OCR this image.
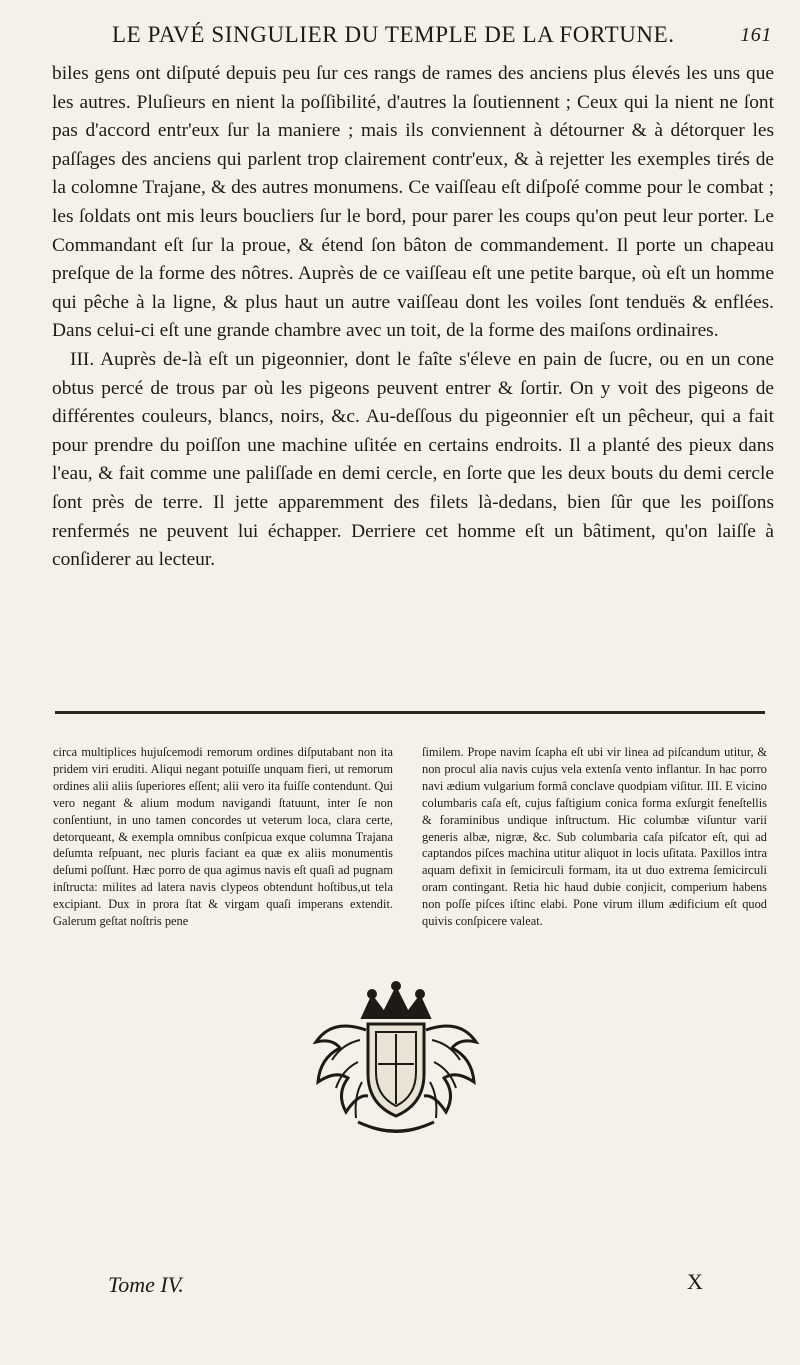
LE PAVÉ SINGULIER DU TEMPLE DE LA FORTUNE.	161

biles gens ont diſputé depuis peu ſur ces rangs de rames des anciens plus élevés les uns que les autres. Pluſieurs en nient la poſſibilité, d'autres la ſoutiennent ; Ceux qui la nient ne ſont pas d'accord entr'eux ſur la maniere ; mais ils conviennent à détourner & à détorquer les paſſages des anciens qui parlent trop clairement contr'eux, & à rejetter les exemples tirés de la colomne Trajane, & des autres monumens. Ce vaiſſeau eſt diſpoſé comme pour le combat ; les ſoldats ont mis leurs boucliers ſur le bord, pour parer les coups qu'on peut leur porter. Le Commandant eſt ſur la proue, & étend ſon bâton de commandement. Il porte un chapeau preſque de la forme des nôtres. Auprès de ce vaiſſeau eſt une petite barque, où eſt un homme qui pêche à la ligne, & plus haut un autre vaiſſeau dont les voiles ſont tenduës & enflées. Dans celui-ci eſt une grande chambre avec un toit, de la forme des maiſons ordinaires.

III. Auprès de-là eſt un pigeonnier, dont le faîte s'éleve en pain de ſucre, ou en un cone obtus percé de trous par où les pigeons peuvent entrer & ſortir. On y voit des pigeons de différentes couleurs, blancs, noirs, &c. Au-deſſous du pigeonnier eſt un pêcheur, qui a fait pour prendre du poiſſon une machine uſitée en certains endroits. Il a planté des pieux dans l'eau, & fait comme une paliſſade en demi cercle, en ſorte que les deux bouts du demi cercle ſont près de terre. Il jette apparemment des filets là-dedans, bien ſûr que les poiſſons renfermés ne peuvent lui échapper. Derriere cet homme eſt un bâtiment, qu'on laiſſe à conſiderer au lecteur.

circa multiplices hujuſcemodi remorum ordines diſputabant non ita pridem viri eruditi. Aliqui negant potuiſſe unquam fieri, ut remorum ordines alii aliis ſuperiores eſſent; alii vero ita fuiſſe contendunt. Qui vero negant & alium modum navigandi ſtatuunt, inter ſe non conſentiunt, in uno tamen concordes ut veterum loca, clara certe, detorqueant, & exempla omnibus conſpicua exque columna Trajana deſumta reſpuant, nec pluris faciant ea quæ ex aliis monumentis deſumi poſſunt. Hæc porro de qua agimus navis eſt quaſi ad pugnam inſtructa: milites ad latera navis clypeos obtendunt hoſtibus,ut tela excipiant. Dux in prora ſtat & virgam quaſi imperans extendit. Galerum geſtat noſtris pene

ſimilem. Prope navim ſcapha eſt ubi vir linea ad piſcandum utitur, & non procul alia navis cujus vela extenſa vento inflantur. In hac porro navi ædium vulgarium formâ conclave quodpiam viſitur. III. E vicino columbaris caſa eſt, cujus faſtigium conica forma exſurgit feneſtellis & foraminibus undique inſtructum. Hic columbæ viſuntur varii generis albæ, nigræ, &c. Sub columbaria caſa piſcator eſt, qui ad captandos piſces machina utitur aliquot in locis uſitata. Paxillos intra aquam defixit in ſemicirculi formam, ita ut duo extrema ſemicirculi oram contingant. Retia hic haud dubie conjicit, comperium habens non poſſe piſces iſtinc elabi. Pone virum illum ædificium eſt quod quivis conſpicere valeat.

Tome IV.	X
